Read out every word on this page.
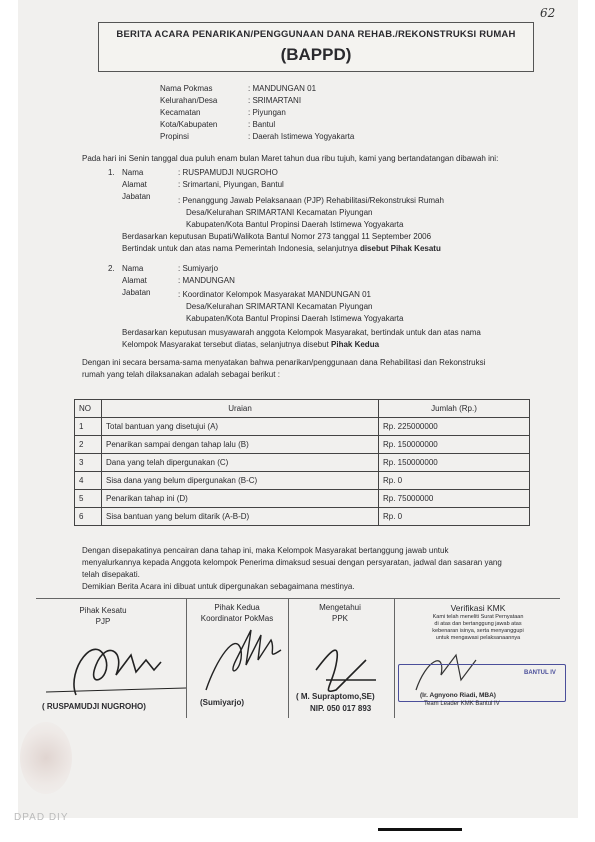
62
BERITA ACARA PENARIKAN/PENGGUNAAN DANA REHAB./REKONSTRUKSI RUMAH
(BAPPD)
Nama Pokmas	: MANDUNGAN 01
Kelurahan/Desa	: SRIMARTANI
Kecamatan	: Piyungan
Kota/Kabupaten	: Bantul
Propinsi	: Daerah Istimewa Yogyakarta
Pada hari ini Senin tanggal dua puluh enam bulan Maret tahun dua ribu tujuh, kami yang bertandatangan dibawah ini:
1. Nama	: RUSPAMUDJI NUGROHO
Alamat	: Srimartani, Piyungan, Bantul
Jabatan	: Penanggung Jawab Pelaksanaan (PJP) Rehabilitasi/Rekonstruksi Rumah
Desa/Kelurahan SRIMARTANI Kecamatan Piyungan
Kabupaten/Kota Bantul Propinsi Daerah Istimewa Yogyakarta
Berdasarkan keputusan Bupati/Walikota Bantul Nomor 273 tanggal 11 September 2006
Bertindak untuk dan atas nama Pemerintah Indonesia, selanjutnya disebut Pihak Kesatu
2. Nama	: Sumiyarjo
Alamat	: MANDUNGAN
Jabatan	: Koordinator Kelompok Masyarakat MANDUNGAN 01
Desa/Kelurahan SRIMARTANI Kecamatan Piyungan
Kabupaten/Kota Bantul Propinsi Daerah Istimewa Yogyakarta
Berdasarkan keputusan musyawarah anggota Kelompok Masyarakat, bertindak untuk dan atas nama
Kelompok Masyarakat tersebut diatas, selanjutnya disebut Pihak Kedua
Dengan ini secara bersama-sama menyatakan bahwa penarikan/penggunaan dana Rehabilitasi dan Rekonstruksi
rumah yang telah dilaksanakan adalah sebagai berikut :
NO	Uraian	Jumlah (Rp.)
1	Total bantuan yang disetujui (A)	Rp. 225000000
2	Penarikan sampai dengan tahap lalu (B)	Rp. 150000000
3	Dana yang telah dipergunakan (C)	Rp. 150000000
4	Sisa dana yang belum dipergunakan (B-C)	Rp. 0
5	Penarikan tahap ini (D)	Rp. 75000000
6	Sisa bantuan yang belum ditarik (A-B-D)	Rp. 0
Dengan disepakatinya pencairan dana tahap ini, maka Kelompok Masyarakat bertanggung jawab untuk
menyalurkannya kepada Anggota kelompok Penerima dimaksud sesuai dengan persyaratan, jadwal dan sasaran yang
telah disepakati.
Demikian Berita Acara ini dibuat untuk dipergunakan sebagaimana mestinya.
Pihak Kesatu
PJP
Pihak Kedua
Koordinator PokMas
Mengetahui
PPK
Verifikasi KMK
Kami telah meneliti Surat Pernyataan
di atas dan bertanggung jawab atas
kebenaran isinya, serta menyanggupi
untuk mengawasi pelaksanaannya
BANTUL IV
( RUSPAMUDJI NUGROHO)	(Sumiyarjo)
( M. Supraptomo,SE)
NIP. 050 017 893
(Ir. Agnyono Riadi, MBA)
Team Leader KMK Bantul IV
DPAD DIY
